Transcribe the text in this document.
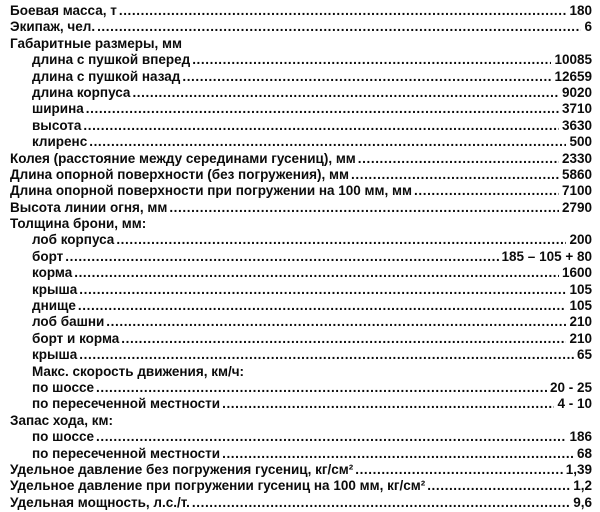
Боевая масса, т .....	180
Экипаж, чел. .....	6
Габаритные размеры, мм
длина с пушкой вперед .....	10085
длина с пушкой назад .....	12659
длина корпуса .....	9020
ширина .....	3710
высота .....	3630
клиренс .....	500
Колея (расстояние между серединами гусениц), мм .....	2330
Длина опорной поверхности (без погружения), мм .....	5860
Длина опорной поверхности при погружении на 100 мм, мм .....	7100
Высота линии огня, мм .....	2790
Толщина брони, мм:
лоб корпуса .....	200
борт .....	185 – 105 + 80
корма .....	1600
крыша .....	105
днище .....	105
лоб башни .....	210
борт и корма .....	210
крыша .....	65
Макс. скорость движения, км/ч:
по шоссе .....	20 - 25
по пересеченной местности .....	4 - 10
Запас хода, км:
по шоссе .....	186
по пересеченной местности .....	68
Удельное давление без погружения гусениц, кг/см² .....	1,39
Удельное давление при погружении гусениц на 100 мм, кг/см² .....	1,2
Удельная мощность, л.с./т. .....	9,6
